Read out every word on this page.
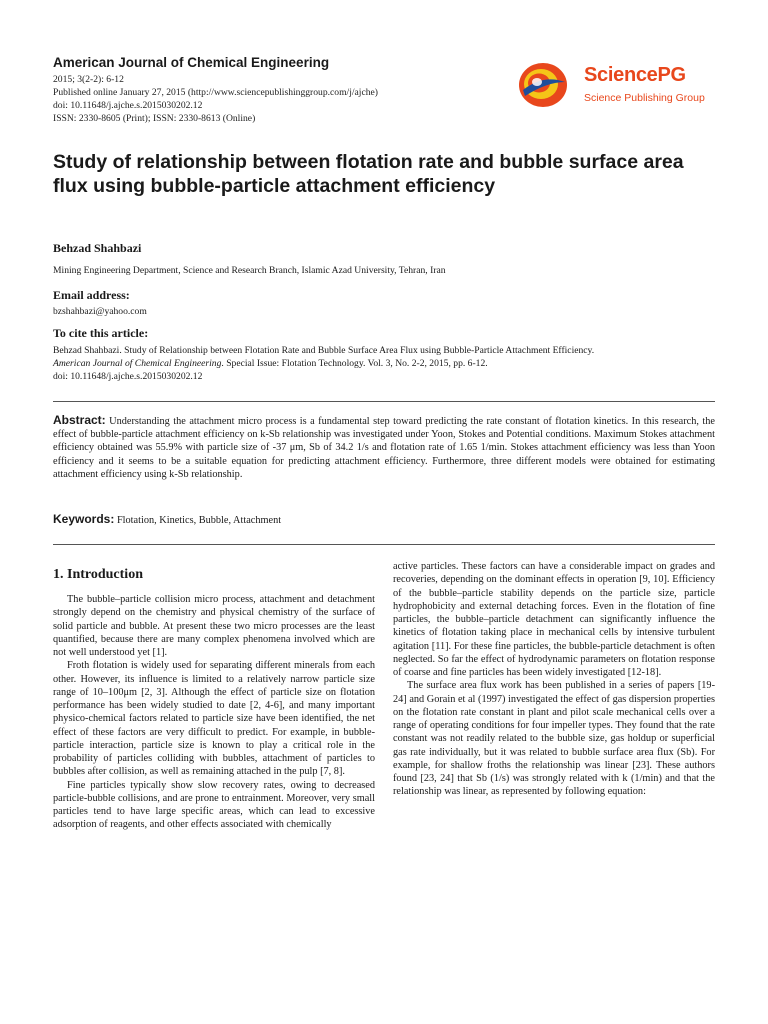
American Journal of Chemical Engineering
2015; 3(2-2): 6-12
Published online January 27, 2015 (http://www.sciencepublishinggroup.com/j/ajche)
doi: 10.11648/j.ajche.s.2015030202.12
ISSN: 2330-8605 (Print); ISSN: 2330-8613 (Online)
SciencePG
Science Publishing Group
Study of relationship between flotation rate and bubble surface area flux using bubble-particle attachment efficiency
Behzad Shahbazi
Mining Engineering Department, Science and Research Branch, Islamic Azad University, Tehran, Iran
Email address:
bzshahbazi@yahoo.com
To cite this article:
Behzad Shahbazi. Study of Relationship between Flotation Rate and Bubble Surface Area Flux using Bubble-Particle Attachment Efficiency.
American Journal of Chemical Engineering. Special Issue: Flotation Technology. Vol. 3, No. 2-2, 2015, pp. 6-12.
doi: 10.11648/j.ajche.s.2015030202.12
Abstract: Understanding the attachment micro process is a fundamental step toward predicting the rate constant of flotation kinetics. In this research, the effect of bubble-particle attachment efficiency on k-Sb relationship was investigated under Yoon, Stokes and Potential conditions. Maximum Stokes attachment efficiency obtained was 55.9% with particle size of -37 μm, Sb of 34.2 1/s and flotation rate of 1.65 1/min. Stokes attachment efficiency was less than Yoon efficiency and it seems to be a suitable equation for predicting attachment efficiency. Furthermore, three different models were obtained for estimating attachment efficiency using k-Sb relationship.
Keywords: Flotation, Kinetics, Bubble, Attachment
1. Introduction

The bubble–particle collision micro process, attachment and detachment strongly depend on the chemistry and physical chemistry of the surface of solid particle and bubble. At present these two micro processes are the least quantified, because there are many complex phenomena involved which are not well understood yet [1].

Froth flotation is widely used for separating different minerals from each other. However, its influence is limited to a relatively narrow particle size range of 10–100μm [2, 3]. Although the effect of particle size on flotation performance has been widely studied to date [2, 4-6], and many important physico-chemical factors related to particle size have been identified, the net effect of these factors are very difficult to predict. For example, in bubble-particle interaction, particle size is known to play a critical role in the probability of particles colliding with bubbles, attachment of particles to bubbles after collision, as well as remaining attached in the pulp [7, 8].

Fine particles typically show slow recovery rates, owing to decreased particle-bubble collisions, and are prone to entrainment. Moreover, very small particles tend to have large specific areas, which can lead to excessive adsorption of reagents, and other effects associated with chemically

active particles. These factors can have a considerable impact on grades and recoveries, depending on the dominant effects in operation [9, 10]. Efficiency of the bubble–particle stability depends on the particle size, particle hydrophobicity and external detaching forces. Even in the flotation of fine particles, the bubble–particle detachment can significantly influence the kinetics of flotation taking place in mechanical cells by intensive turbulent agitation [11]. For these fine particles, the bubble-particle detachment is often neglected. So far the effect of hydrodynamic parameters on flotation response of coarse and fine particles has been widely investigated [12-18].

The surface area flux work has been published in a series of papers [19-24] and Gorain et al (1997) investigated the effect of gas dispersion properties on the flotation rate constant in plant and pilot scale mechanical cells over a range of operating conditions for four impeller types. They found that the rate constant was not readily related to the bubble size, gas holdup or superficial gas rate individually, but it was related to bubble surface area flux (Sb). For example, for shallow froths the relationship was linear [23]. These authors found [23, 24] that Sb (1/s) was strongly related with k (1/min) and that the relationship was linear, as represented by following equation:
